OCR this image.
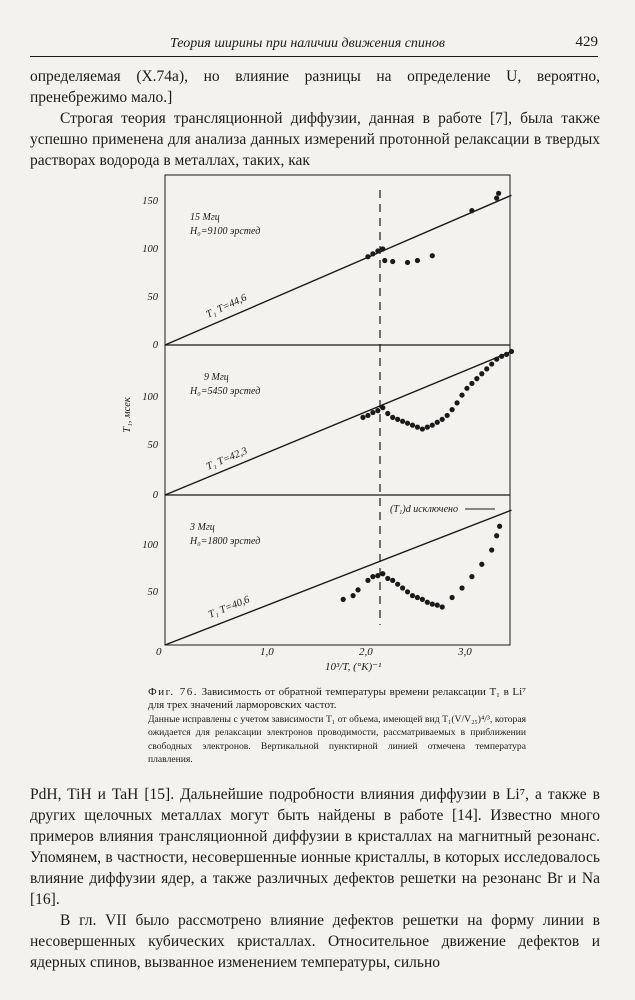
Теория ширины при наличии движения спинов	429

определяемая (X.74а), но влияние разницы на определение U, вероятно, пренебрежимо мало.]

Строгая теория трансляционной диффузии, данная в работе [7], была также успешно применена для анализа данных измерений протонной релаксации в твердых растворах водорода в металлах, таких, как

15 Мгц
H₀=9100 эрстед
T₁ T=44,6
150
100
50
0
9 Мгц
H₀=5450 эрстед
T₁ T=42,3
100
50
0
T₁, мсек
3 Мгц
H₀=1800 эрстед
T₁ T=40,6
(T₁)d исключено
100
50
0	1,0	2,0	3,0
10³/T, (°K)⁻¹
Фиг. 76. Зависимость от обратной температуры времени релаксации T₁ в Li⁷ для трех значений ларморовских частот.
Данные исправлены с учетом зависимости T₁ от объема, имеющей вид T₁(V/V₂₅)⁴/³, которая ожидается для релаксации электронов проводимости, рассматриваемых в приближении свободных электронов. Вертикальной пунктирной линией отмечена температура плавления.

PdH, TiH и TaH [15]. Дальнейшие подробности влияния диффузии в Li⁷, а также в других щелочных металлах могут быть найдены в работе [14]. Известно много примеров влияния трансляционной диффузии в кристаллах на магнитный резонанс. Упомянем, в частности, несовершенные ионные кристаллы, в которых исследовалось влияние диффузии ядер, а также различных дефектов решетки на резонанс Br и Na [16].

В гл. VII было рассмотрено влияние дефектов решетки на форму линии в несовершенных кубических кристаллах. Относительное движение дефектов и ядерных спинов, вызванное изменением температуры, сильно
